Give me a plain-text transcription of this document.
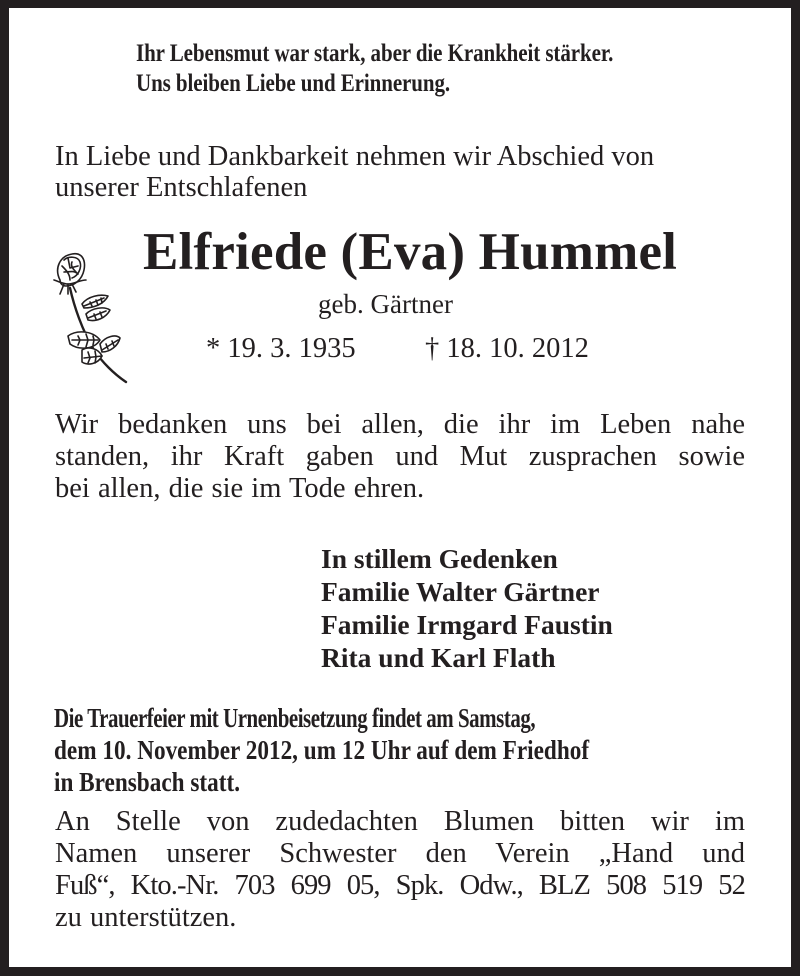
Ihr Lebensmut war stark, aber die Krankheit stärker.
Uns bleiben Liebe und Erinnerung.
In Liebe und Dankbarkeit nehmen wir Abschied von
unserer Entschlafenen
Elfriede (Eva) Hummel
geb. Gärtner
* 19. 3. 1935 † 18. 10. 2012
Wir bedanken uns bei allen, die ihr im Leben nahe
standen, ihr Kraft gaben und Mut zusprachen sowie
bei allen, die sie im Tode ehren.
In stillem Gedenken
Familie Walter Gärtner
Familie Irmgard Faustin
Rita und Karl Flath
Die Trauerfeier mit Urnenbeisetzung findet am Samstag,
dem 10. November 2012, um 12 Uhr auf dem Friedhof
in Brensbach statt.
An Stelle von zudedachten Blumen bitten wir im
Namen unserer Schwester den Verein „Hand und
Fuß“, Kto.-Nr. 703 699 05, Spk. Odw., BLZ 508 519 52
zu unterstützen.
